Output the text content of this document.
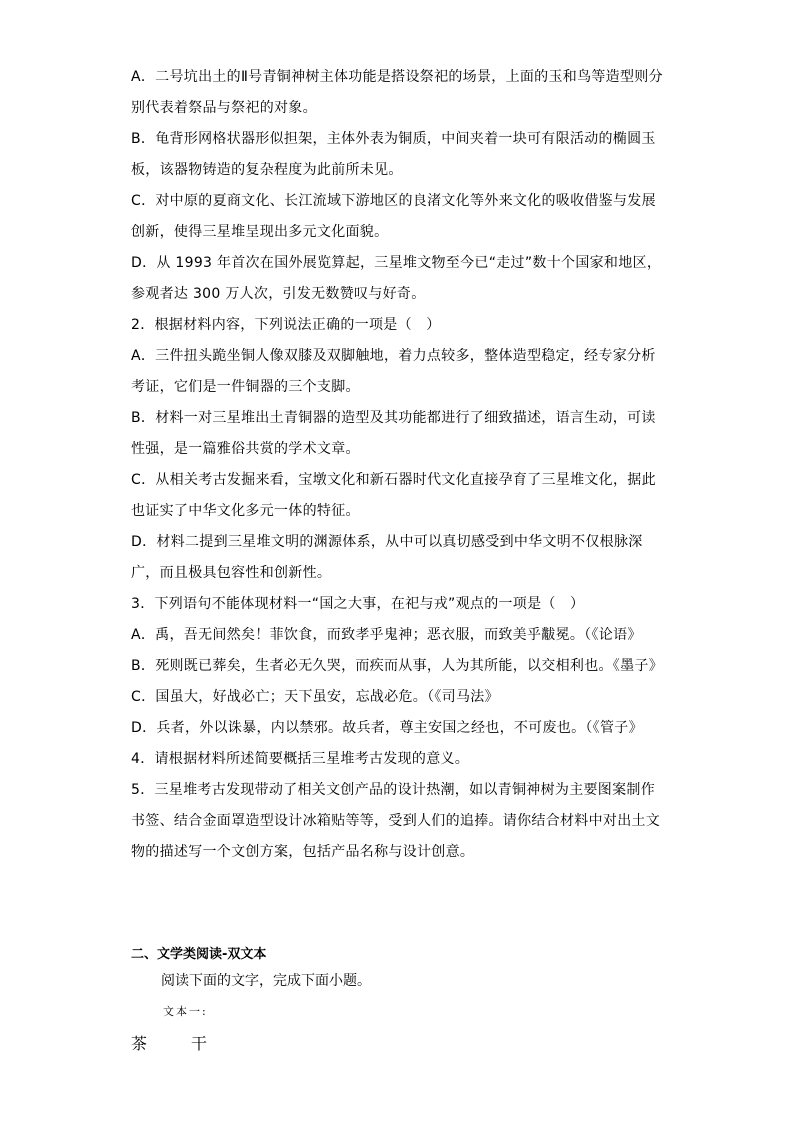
A．二号坑出土的Ⅱ号青铜神树主体功能是搭设祭祀的场景，上面的玉和鸟等造型则分别代表着祭品与祭祀的对象。

B．龟背形网格状器形似担架，主体外表为铜质，中间夹着一块可有限活动的椭圆玉板，该器物铸造的复杂程度为此前所未见。

C．对中原的夏商文化、长江流域下游地区的良渚文化等外来文化的吸收借鉴与发展创新，使得三星堆呈现出多元文化面貌。

D．从 1993 年首次在国外展览算起，三星堆文物至今已“走过”数十个国家和地区，参观者达 300 万人次，引发无数赞叹与好奇。

2．根据材料内容，下列说法正确的一项是（　）

A．三件扭头跪坐铜人像双膝及双脚触地，着力点较多，整体造型稳定，经专家分析考证，它们是一件铜器的三个支脚。

B．材料一对三星堆出土青铜器的造型及其功能都进行了细致描述，语言生动，可读性强，是一篇雅俗共赏的学术文章。

C．从相关考古发掘来看，宝墩文化和新石器时代文化直接孕育了三星堆文化，据此也证实了中华文化多元一体的特征。

D．材料二提到三星堆文明的渊源体系，从中可以真切感受到中华文明不仅根脉深广，而且极具包容性和创新性。

3．下列语句不能体现材料一“国之大事，在祀与戎”观点的一项是（　）

A．禹，吾无间然矣！菲饮食，而致孝乎鬼神；恶衣服，而致美乎黻冕。（《论语》

B．死则既已葬矣，生者必无久哭，而疾而从事，人为其所能，以交相利也。《墨子》

C．国虽大，好战必亡；天下虽安，忘战必危。（《司马法》

D．兵者，外以诛暴，内以禁邪。故兵者，尊主安国之经也，不可废也。（《管子》

4．请根据材料所述简要概括三星堆考古发现的意义。

5．三星堆考古发现带动了相关文创产品的设计热潮，如以青铜神树为主要图案制作书签、结合金面罩造型设计冰箱贴等等，受到人们的追捧。请你结合材料中对出土文物的描述写一个文创方案，包括产品名称与设计创意。

二、文学类阅读-双文本

阅读下面的文字，完成下面小题。

文本一:

茶　干
